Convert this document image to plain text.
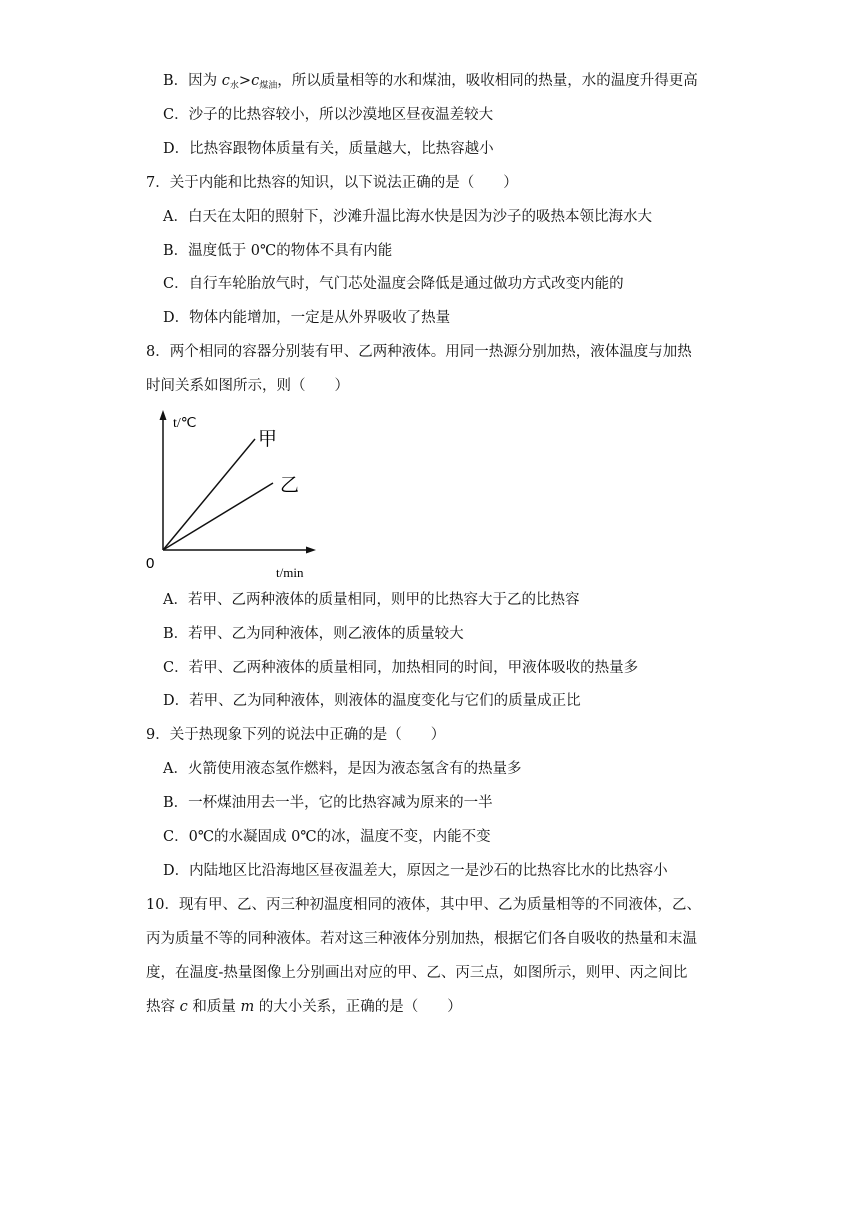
B．因为 $c_水>c_{煤油}$，所以质量相等的水和煤油，吸收相同的热量，水的温度升得更高
C．沙子的比热容较小，所以沙漠地区昼夜温差较大
D．比热容跟物体质量有关，质量越大，比热容越小
7．关于内能和比热容的知识，以下说法正确的是（　　）
A．白天在太阳的照射下，沙滩升温比海水快是因为沙子的吸热本领比海水大
B．温度低于 0℃的物体不具有内能
C．自行车轮胎放气时，气门芯处温度会降低是通过做功方式改变内能的
D．物体内能增加，一定是从外界吸收了热量
8．两个相同的容器分别装有甲、乙两种液体。用同一热源分别加热，液体温度与加热
时间关系如图所示，则（　　）
t/℃
t/min
0
甲
乙
A．若甲、乙两种液体的质量相同，则甲的比热容大于乙的比热容
B．若甲、乙为同种液体，则乙液体的质量较大
C．若甲、乙两种液体的质量相同，加热相同的时间，甲液体吸收的热量多
D．若甲、乙为同种液体，则液体的温度变化与它们的质量成正比
9．关于热现象下列的说法中正确的是（　　）
A．火箭使用液态氢作燃料，是因为液态氢含有的热量多
B．一杯煤油用去一半，它的比热容减为原来的一半
C．0℃的水凝固成 0℃的冰，温度不变，内能不变
D．内陆地区比沿海地区昼夜温差大，原因之一是沙石的比热容比水的比热容小
10．现有甲、乙、丙三种初温度相同的液体，其中甲、乙为质量相等的不同液体，乙、
丙为质量不等的同种液体。若对这三种液体分别加热，根据它们各自吸收的热量和末温
度，在温度-热量图像上分别画出对应的甲、乙、丙三点，如图所示，则甲、丙之间比
热容 c 和质量 m 的大小关系，正确的是（　　）
